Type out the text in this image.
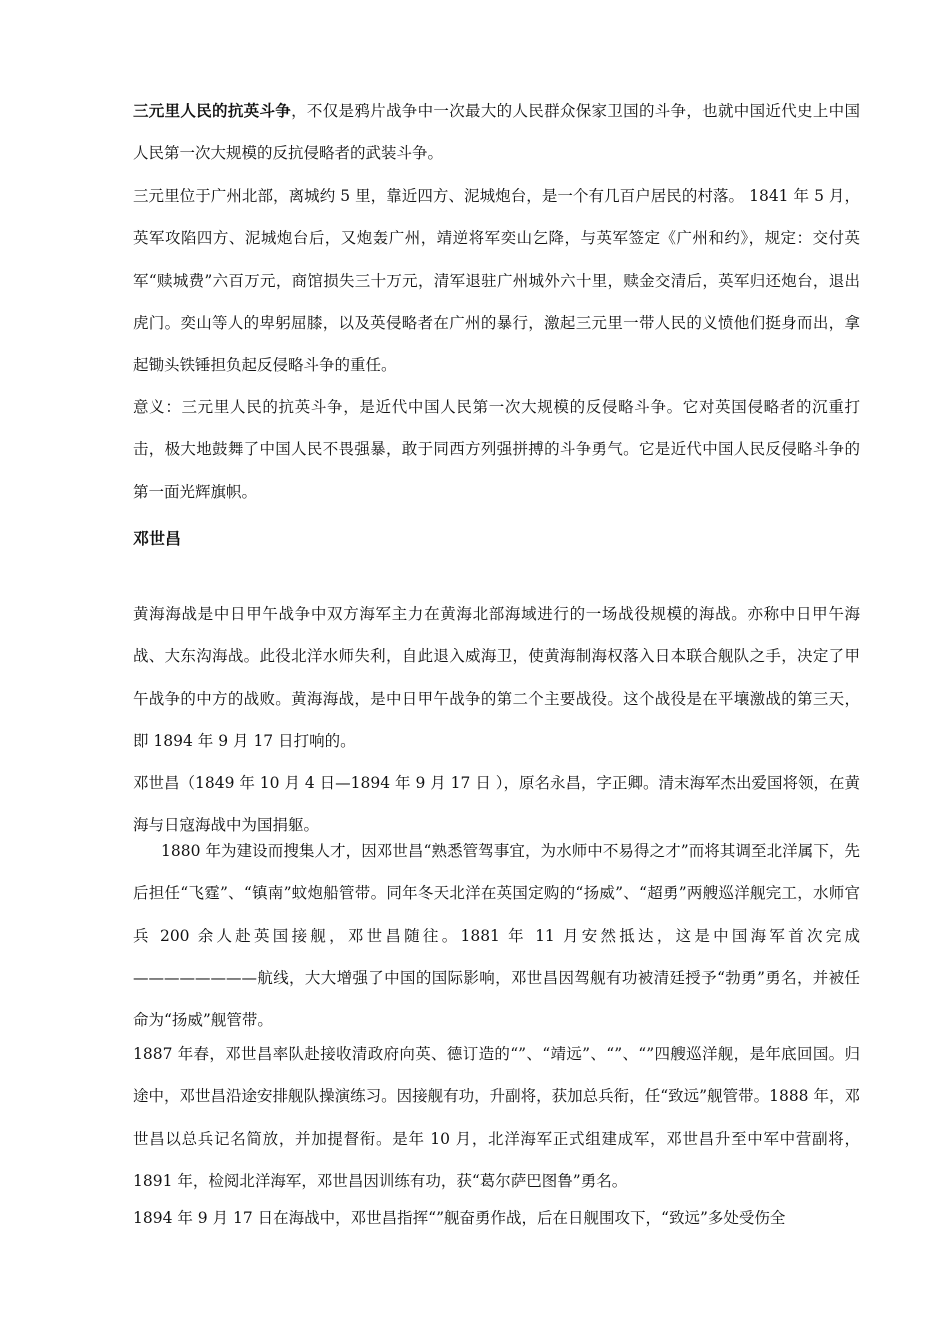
三元里人民的抗英斗争，不仅是鸦片战争中一次最大的人民群众保家卫国的斗争，也就中国近代史上中国人民第一次大规模的反抗侵略者的武装斗争。

三元里位于广州北部，离城约 5 里，靠近四方、泥城炮台，是一个有几百户居民的村落。 1841 年 5 月，英军攻陷四方、泥城炮台后，又炮轰广州，靖逆将军奕山乞降，与英军签定《广州和约》，规定：交付英军“赎城费”六百万元，商馆损失三十万元，清军退驻广州城外六十里，赎金交清后，英军归还炮台，退出虎门。奕山等人的卑躬屈膝，以及英侵略者在广州的暴行，激起三元里一带人民的义愤他们挺身而出，拿起锄头铁锤担负起反侵略斗争的重任。

意义：三元里人民的抗英斗争，是近代中国人民第一次大规模的反侵略斗争。它对英国侵略者的沉重打击，极大地鼓舞了中国人民不畏强暴，敢于同西方列强拼搏的斗争勇气。它是近代中国人民反侵略斗争的第一面光辉旗帜。

邓世昌

黄海海战是中日甲午战争中双方海军主力在黄海北部海域进行的一场战役规模的海战。亦称中日甲午海战、大东沟海战。此役北洋水师失利，自此退入威海卫，使黄海制海权落入日本联合舰队之手，决定了甲午战争的中方的战败。黄海海战，是中日甲午战争的第二个主要战役。这个战役是在平壤激战的第三天，即 1894 年 9 月 17 日打响的。

邓世昌（1849 年 10 月 4 日—1894 年 9 月 17 日 ），原名永昌，字正卿。清末海军杰出爱国将领，在黄海与日寇海战中为国捐躯。

1880 年为建设而搜集人才，因邓世昌“熟悉管驾事宜，为水师中不易得之才”而将其调至北洋属下，先后担任“飞霆”、“镇南”蚊炮船管带。同年冬天北洋在英国定购的“扬威”、“超勇”两艘巡洋舰完工，水师官兵 200 余人赴英国接舰，邓世昌随往。1881 年 11 月安然抵达，这是中国海军首次完成————————航线，大大增强了中国的国际影响，邓世昌因驾舰有功被清廷授予“勃勇”勇名，并被任命为“扬威”舰管带。

1887 年春，邓世昌率队赴接收清政府向英、德订造的“”、“靖远”、“”、“”四艘巡洋舰，是年底回国。归途中，邓世昌沿途安排舰队操演练习。因接舰有功，升副将，获加总兵衔，任“致远”舰管带。1888 年，邓世昌以总兵记名简放，并加提督衔。是年 10 月，北洋海军正式组建成军，邓世昌升至中军中营副将，1891 年，检阅北洋海军，邓世昌因训练有功，获“葛尔萨巴图鲁”勇名。

1894 年 9 月 17 日在海战中，邓世昌指挥“”舰奋勇作战，后在日舰围攻下，“致远”多处受伤全
